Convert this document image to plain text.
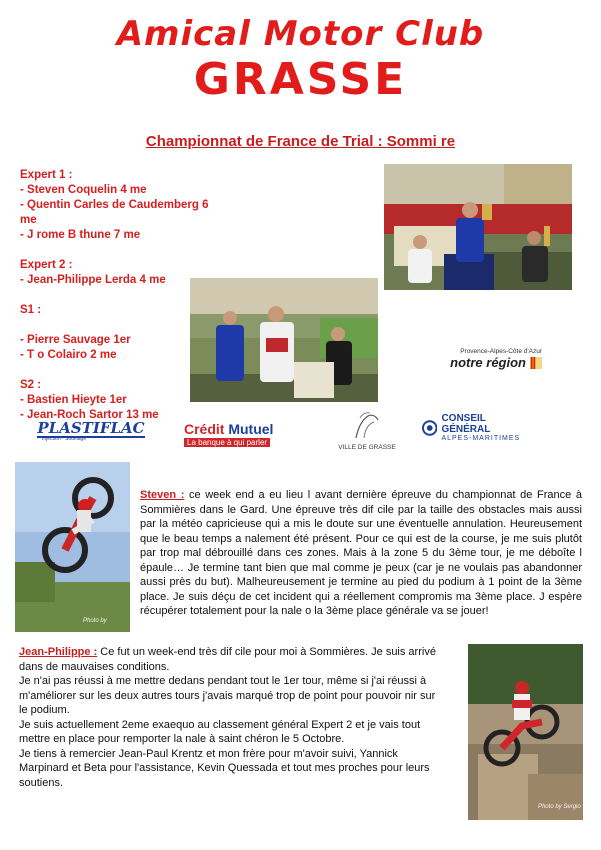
Amical Motor Club
GRASSE
Championnat de France de Trial : Sommi re
Expert 1 :
- Steven Coquelin 4 me
- Quentin Carles de Caudemberg 6 me
- J rome B thune 7 me
Expert 2 :
- Jean-Philippe Lerda 4 me
S1 :
- Pierre Sauvage 1er
- T o Colairo 2 me
S2 :
- Bastien Hieyte 1er
- Jean-Roch Sartor 13 me
Provence-Alpes-Côte d'Azur
notre région
PLASTIFLAC
Injection · Soufflage
Crédit Mutuel
La banque à qui parler	VILLE DE GRASSE
CONSEIL GÉNÉRAL
ALPES-MARITIMES
Photo by
Steven : ce week end a eu lieu l avant dernière épreuve du championnat de France à Sommières dans le Gard. Une épreuve très dif cile par la taille des obstacles mais aussi par la météo capricieuse qui a mis le doute sur une éventuelle annulation. Heureusement que le beau temps a nalement été présent. Pour ce qui est de la course, je me suis plutôt par trop mal débrouillé dans ces zones. Mais à la zone 5 du 3ème tour, je me déboîte l épaule… Je termine tant bien que mal comme je peux (car je ne voulais pas abandonner aussi près du but). Malheureusement je termine au pied du podium à 1 point de la 3ème place. Je suis déçu de cet incident qui a réellement compromis ma 3ème place. J espère récupérer totalement pour la nale o la 3ème place générale va se jouer!
Jean-Philippe : Ce fut un week-end très dif cile pour moi à Sommières. Je suis arrivé dans de mauvaises conditions.
Je n'ai pas réussi à me mettre dedans pendant tout le 1er tour, même si j'ai réussi à m'améliorer sur les deux autres tours j'avais marqué trop de point pour pouvoir nir sur le podium.
Je suis actuellement 2eme exaequo au classement général Expert 2 et je vais tout mettre en place pour remporter la nale à saint chéron le 5 Octobre.
Je tiens à remercier Jean-Paul Krentz et mon frère pour m'avoir suivi, Yannick Marpinard et Beta pour l'assistance, Kevin Quessada et tout mes proches pour leurs soutiens.
Photo by Sergio
